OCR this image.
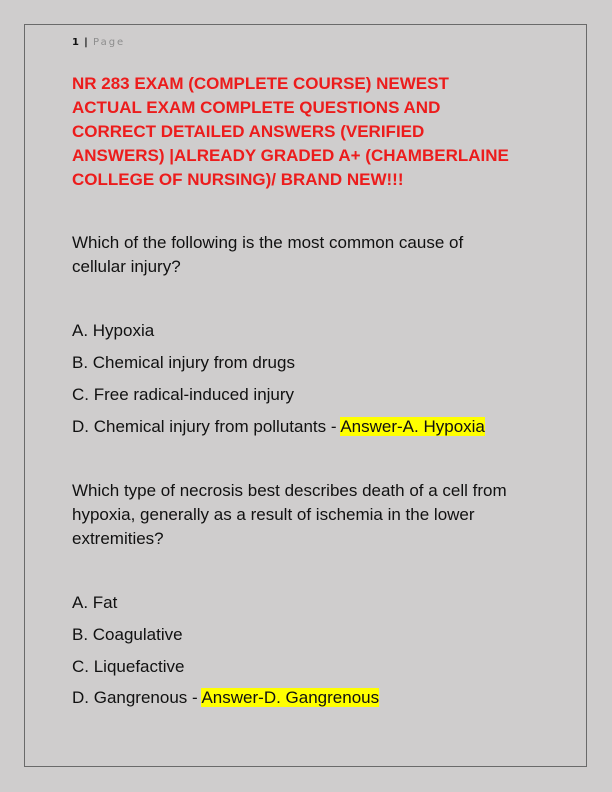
1 | Page
NR 283 EXAM (COMPLETE COURSE) NEWEST
ACTUAL EXAM COMPLETE QUESTIONS AND
CORRECT DETAILED ANSWERS (VERIFIED
ANSWERS) |ALREADY GRADED A+ (CHAMBERLAINE
COLLEGE OF NURSING)/ BRAND NEW!!!
Which of the following is the most common cause of
cellular injury?
A. Hypoxia
B. Chemical injury from drugs
C. Free radical-induced injury
D. Chemical injury from pollutants - Answer-A. Hypoxia
Which type of necrosis best describes death of a cell from
hypoxia, generally as a result of ischemia in the lower
extremities?
A. Fat
B. Coagulative
C. Liquefactive
D. Gangrenous - Answer-D. Gangrenous
